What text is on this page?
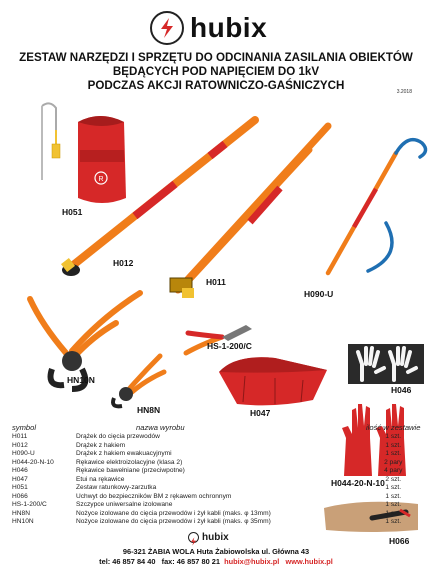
hubix
ZESTAW NARZĘDZI I SPRZĘTU DO ODCINANIA ZASILANIA OBIEKTÓW
BĘDĄCYCH POD NAPIĘCIEM DO 1kV
PODCZAS AKCJI RATOWNICZO-GAŚNICZYCH	3.2018
R
H051
H012
H011
H090-U
HS-1-200/C
HN10N
HN8N	H047
H046
H044-20-N-10
H066
symbol	nazwa wyrobu	ilość w zestawie
H011	Drążek do cięcia przewodów	1 szt.
H012	Drążek z hakiem	1 szt.
H090-U	Drążek z hakiem ewakuacyjnymi	1 szt.
H044-20-N-10	Rękawice elektroizolacyjne (klasa 2)	2 pary
H046	Rękawice bawełniane (przeciwpotne)	4 pary
H047	Etui na rękawice	2 szt.
H051	Zestaw ratunkowy-zarzutka	1 szt.
H066	Uchwyt do bezpieczników BM z rękawem ochronnym	1 szt.
HS-1-200/C	Szczypce uniwersalne izolowane	1 szt.
HN8N	Nożyce izolowane do cięcia przewodów i żył kabli (maks. φ 13mm)	1 szt.
HN10N	Nożyce izolowane do cięcia przewodów i żył kabli (maks. φ 35mm)	1 szt.
hubix
96-321 ŻABIA WOLA Huta Żabiowolska ul. Główna 43
tel: 46 857 84 40 fax: 46 857 80 21 hubix@hubix.pl www.hubix.pl
